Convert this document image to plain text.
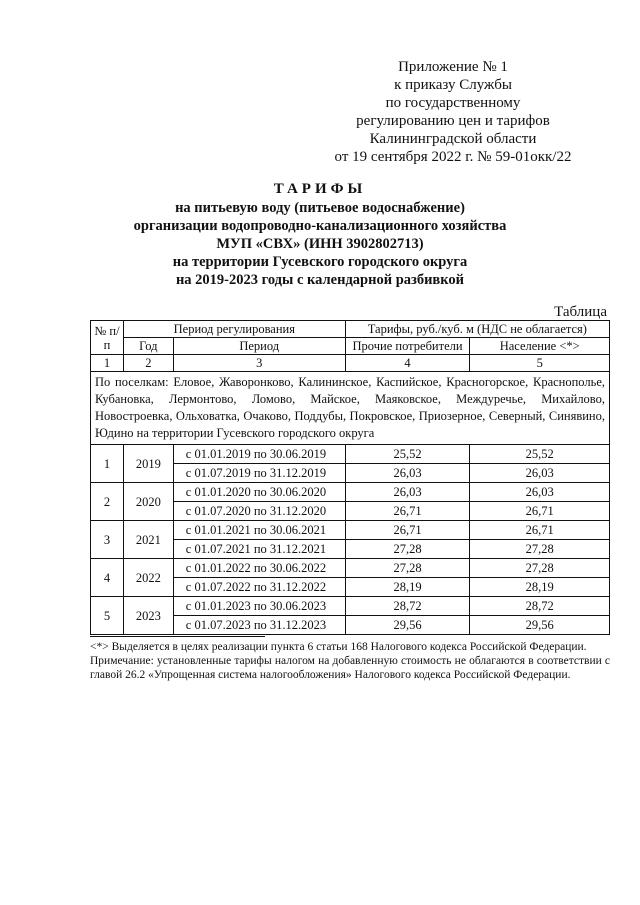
Приложение № 1
к приказу Службы
по государственному
регулированию цен и тарифов
Калининградской области
от 19 сентября 2022 г. № 59-01окк/22
ТАРИФЫ
на питьевую воду (питьевое водоснабжение)
организации водопроводно-канализационного хозяйства
МУП «СВХ» (ИНН 3902802713)
на территории Гусевского городского округа
на 2019-2023 годы с календарной разбивкой
Таблица
№ п/п	Период регулирования		Тарифы, руб./куб. м (НДС не облагается)	
	Год	Период	Прочие потребители	Население <*>
1	2	3	4	5
По поселкам: Еловое, Жаворонково, Калининское, Каспийское, Красногорское, Краснополье, Кубановка, Лермонтово, Ломово, Майское, Маяковское, Междуречье, Михайлово, Новостроевка, Ольховатка, Очаково, Поддубы, Покровское, Приозерное, Северный, Синявино, Юдино на территории Гусевского городского округа				
1	2019	с 01.01.2019 по 30.06.2019	25,52	25,52
		с 01.07.2019 по 31.12.2019	26,03	26,03
2	2020	с 01.01.2020 по 30.06.2020	26,03	26,03
		с 01.07.2020 по 31.12.2020	26,71	26,71
3	2021	с 01.01.2021 по 30.06.2021	26,71	26,71
		с 01.07.2021 по 31.12.2021	27,28	27,28
4	2022	с 01.01.2022 по 30.06.2022	27,28	27,28
		с 01.07.2022 по 31.12.2022	28,19	28,19
5	2023	с 01.01.2023 по 30.06.2023	28,72	28,72
		с 01.07.2023 по 31.12.2023	29,56	29,56

<*> Выделяется в целях реализации пункта 6 статьи 168 Налогового кодекса Российской Федерации.

Примечание: установленные тарифы налогом на добавленную стоимость не облагаются в соответствии с главой 26.2 «Упрощенная система налогообложения» Налогового кодекса Российской Федерации.
